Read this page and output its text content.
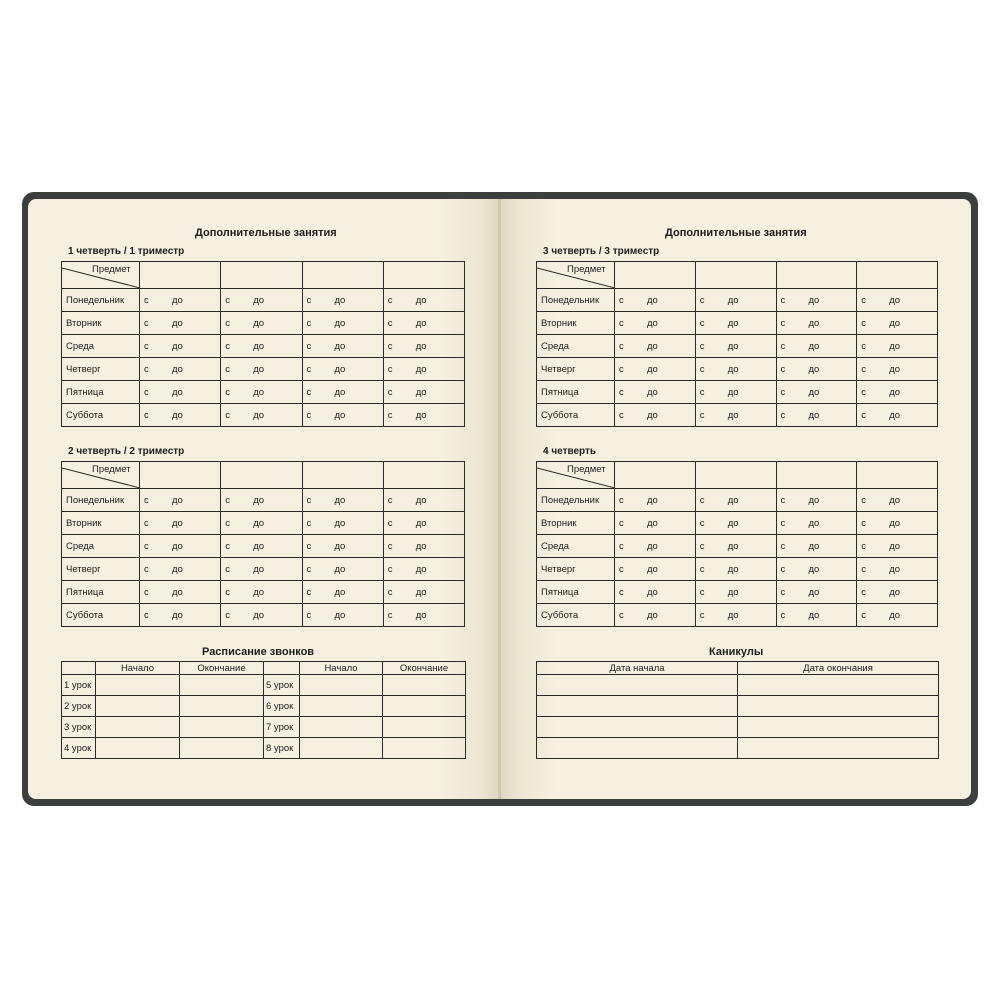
Дополнительные занятия
1 четверть / 1 триместр
Предмет				

Понедельник	с до	с до	с до	с до
Вторник	с до	с до	с до	с до
Среда	с до	с до	с до	с до
Четверг	с до	с до	с до	с до
Пятница	с до	с до	с до	с до
Суббота	с до	с до	с до	с до
2 четверть / 2 триместр
Предмет				

Понедельник	с до	с до	с до	с до
Вторник	с до	с до	с до	с до
Среда	с до	с до	с до	с до
Четверг	с до	с до	с до	с до
Пятница	с до	с до	с до	с до
Суббота	с до	с до	с до	с до
Расписание звонков
	Начало	Окончание		Начало	Окончание
1 урок			5 урок		
2 урок			6 урок		
3 урок			7 урок		
4 урок			8 урок		
Дополнительные занятия
3 четверть / 3 триместр
Предмет				

Понедельник	с до	с до	с до	с до
Вторник	с до	с до	с до	с до
Среда	с до	с до	с до	с до
Четверг	с до	с до	с до	с до
Пятница	с до	с до	с до	с до
Суббота	с до	с до	с до	с до
4 четверть
Предмет				

Понедельник	с до	с до	с до	с до
Вторник	с до	с до	с до	с до
Среда	с до	с до	с до	с до
Четверг	с до	с до	с до	с до
Пятница	с до	с до	с до	с до
Суббота	с до	с до	с до	с до
Каникулы
Дата начала	Дата окончания
